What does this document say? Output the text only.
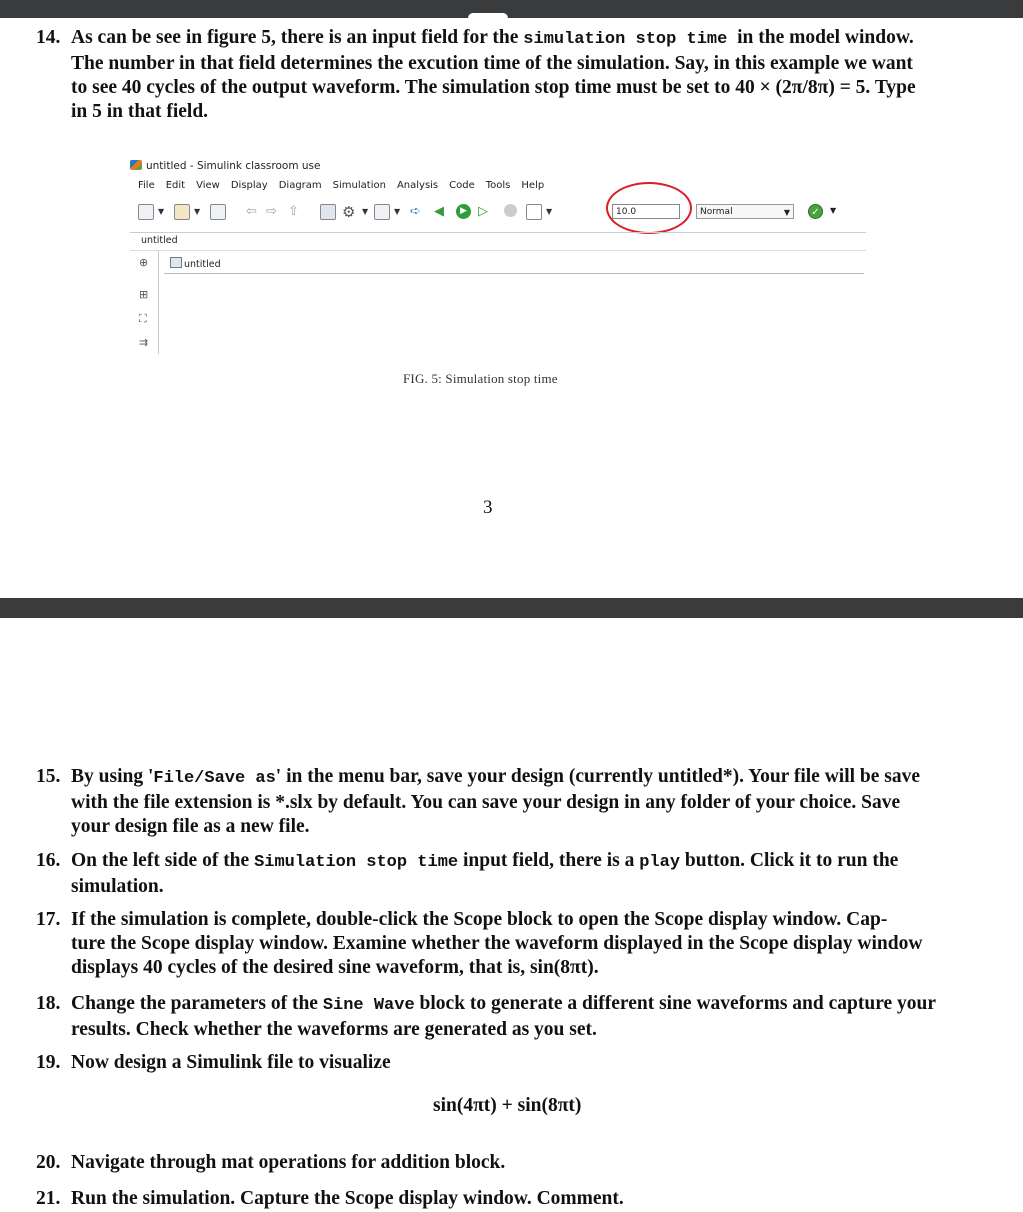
14. As can be see in figure 5, there is an input field for the simulation stop time in the model window.
The number in that field determines the excution time of the simulation. Say, in this example we want
to see 40 cycles of the output waveform. The simulation stop time must be set to 40 × (2π/8π) = 5. Type
in 5 in that field.
untitled - Simulink classroom use
File Edit View Display Diagram Simulation Analysis Code Tools Help
▼	▼	⇦ ⇨ ⇧	⚙ ▼	▼ ➪ ◀	▶ ▷	▼	10.0	Normal	▼	✓	▼
untitled
⊕
⊞
⛶
⇉
untitled
FIG. 5: Simulation stop time
3
15. By using 'File/Save as' in the menu bar, save your design (currently untitled*). Your file will be save
with the file extension is *.slx by default. You can save your design in any folder of your choice. Save
your design file as a new file.
16. On the left side of the Simulation stop time input field, there is a play button. Click it to run the
simulation.
17. If the simulation is complete, double-click the Scope block to open the Scope display window. Cap-
ture the Scope display window. Examine whether the waveform displayed in the Scope display window
displays 40 cycles of the desired sine waveform, that is, sin(8πt).
18. Change the parameters of the Sine Wave block to generate a different sine waveforms and capture your
results. Check whether the waveforms are generated as you set.
19. Now design a Simulink file to visualize
sin(4πt) + sin(8πt)
20. Navigate through mat operations for addition block.
21. Run the simulation. Capture the Scope display window. Comment.
